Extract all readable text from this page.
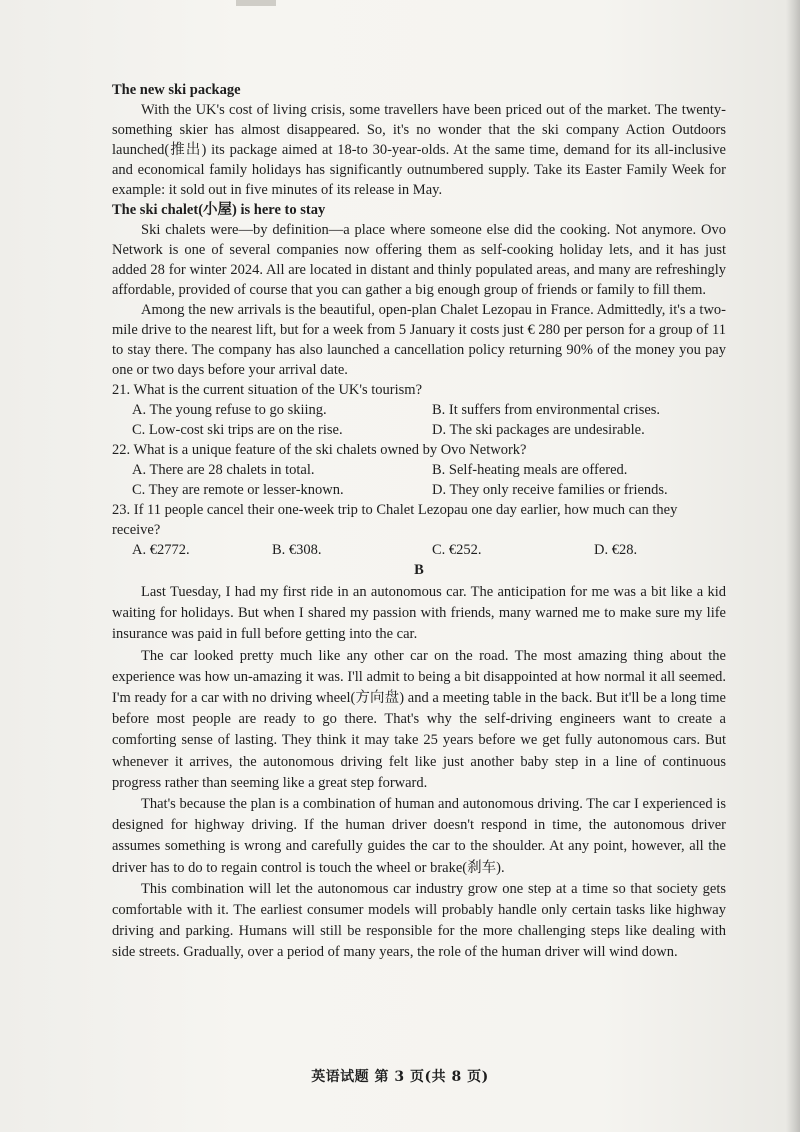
The new ski package

With the UK's cost of living crisis, some travellers have been priced out of the market. The twenty-something skier has almost disappeared. So, it's no wonder that the ski company Action Outdoors launched(推出) its package aimed at 18-to 30-year-olds. At the same time, demand for its all-inclusive and economical family holidays has significantly outnumbered supply. Take its Easter Family Week for example: it sold out in five minutes of its release in May.

The ski chalet(小屋) is here to stay

Ski chalets were—by definition—a place where someone else did the cooking. Not anymore. Ovo Network is one of several companies now offering them as self-cooking holiday lets, and it has just added 28 for winter 2024. All are located in distant and thinly populated areas, and many are refreshingly affordable, provided of course that you can gather a big enough group of friends or family to fill them.

Among the new arrivals is the beautiful, open-plan Chalet Lezopau in France. Admittedly, it's a two-mile drive to the nearest lift, but for a week from 5 January it costs just € 280 per person for a group of 11 to stay there. The company has also launched a cancellation policy returning 90% of the money you pay one or two days before your arrival date.

21. What is the current situation of the UK's tourism?
A. The young refuse to go skiing.	B. It suffers from environmental crises.
C. Low-cost ski trips are on the rise.	D. The ski packages are undesirable.
22. What is a unique feature of the ski chalets owned by Ovo Network?
A. There are 28 chalets in total.	B. Self-heating meals are offered.
C. They are remote or lesser-known.	D. They only receive families or friends.
23. If 11 people cancel their one-week trip to Chalet Lezopau one day earlier, how much can they receive?
A. €2772.	B. €308.	C. €252.	D. €28.
B

Last Tuesday, I had my first ride in an autonomous car. The anticipation for me was a bit like a kid waiting for holidays. But when I shared my passion with friends, many warned me to make sure my life insurance was paid in full before getting into the car.

The car looked pretty much like any other car on the road. The most amazing thing about the experience was how un-amazing it was. I'll admit to being a bit disappointed at how normal it all seemed. I'm ready for a car with no driving wheel(方向盘) and a meeting table in the back. But it'll be a long time before most people are ready to go there. That's why the self-driving engineers want to create a comforting sense of lasting. They think it may take 25 years before we get fully autonomous cars. But whenever it arrives, the autonomous driving felt like just another baby step in a line of continuous progress rather than seeming like a great step forward.

That's because the plan is a combination of human and autonomous driving. The car I experienced is designed for highway driving. If the human driver doesn't respond in time, the autonomous driver assumes something is wrong and carefully guides the car to the shoulder. At any point, however, all the driver has to do to regain control is touch the wheel or brake(刹车).

This combination will let the autonomous car industry grow one step at a time so that society gets comfortable with it. The earliest consumer models will probably handle only certain tasks like highway driving and parking. Humans will still be responsible for the more challenging steps like dealing with side streets. Gradually, over a period of many years, the role of the human driver will wind down.

英语试题 第 3 页(共 8 页)
